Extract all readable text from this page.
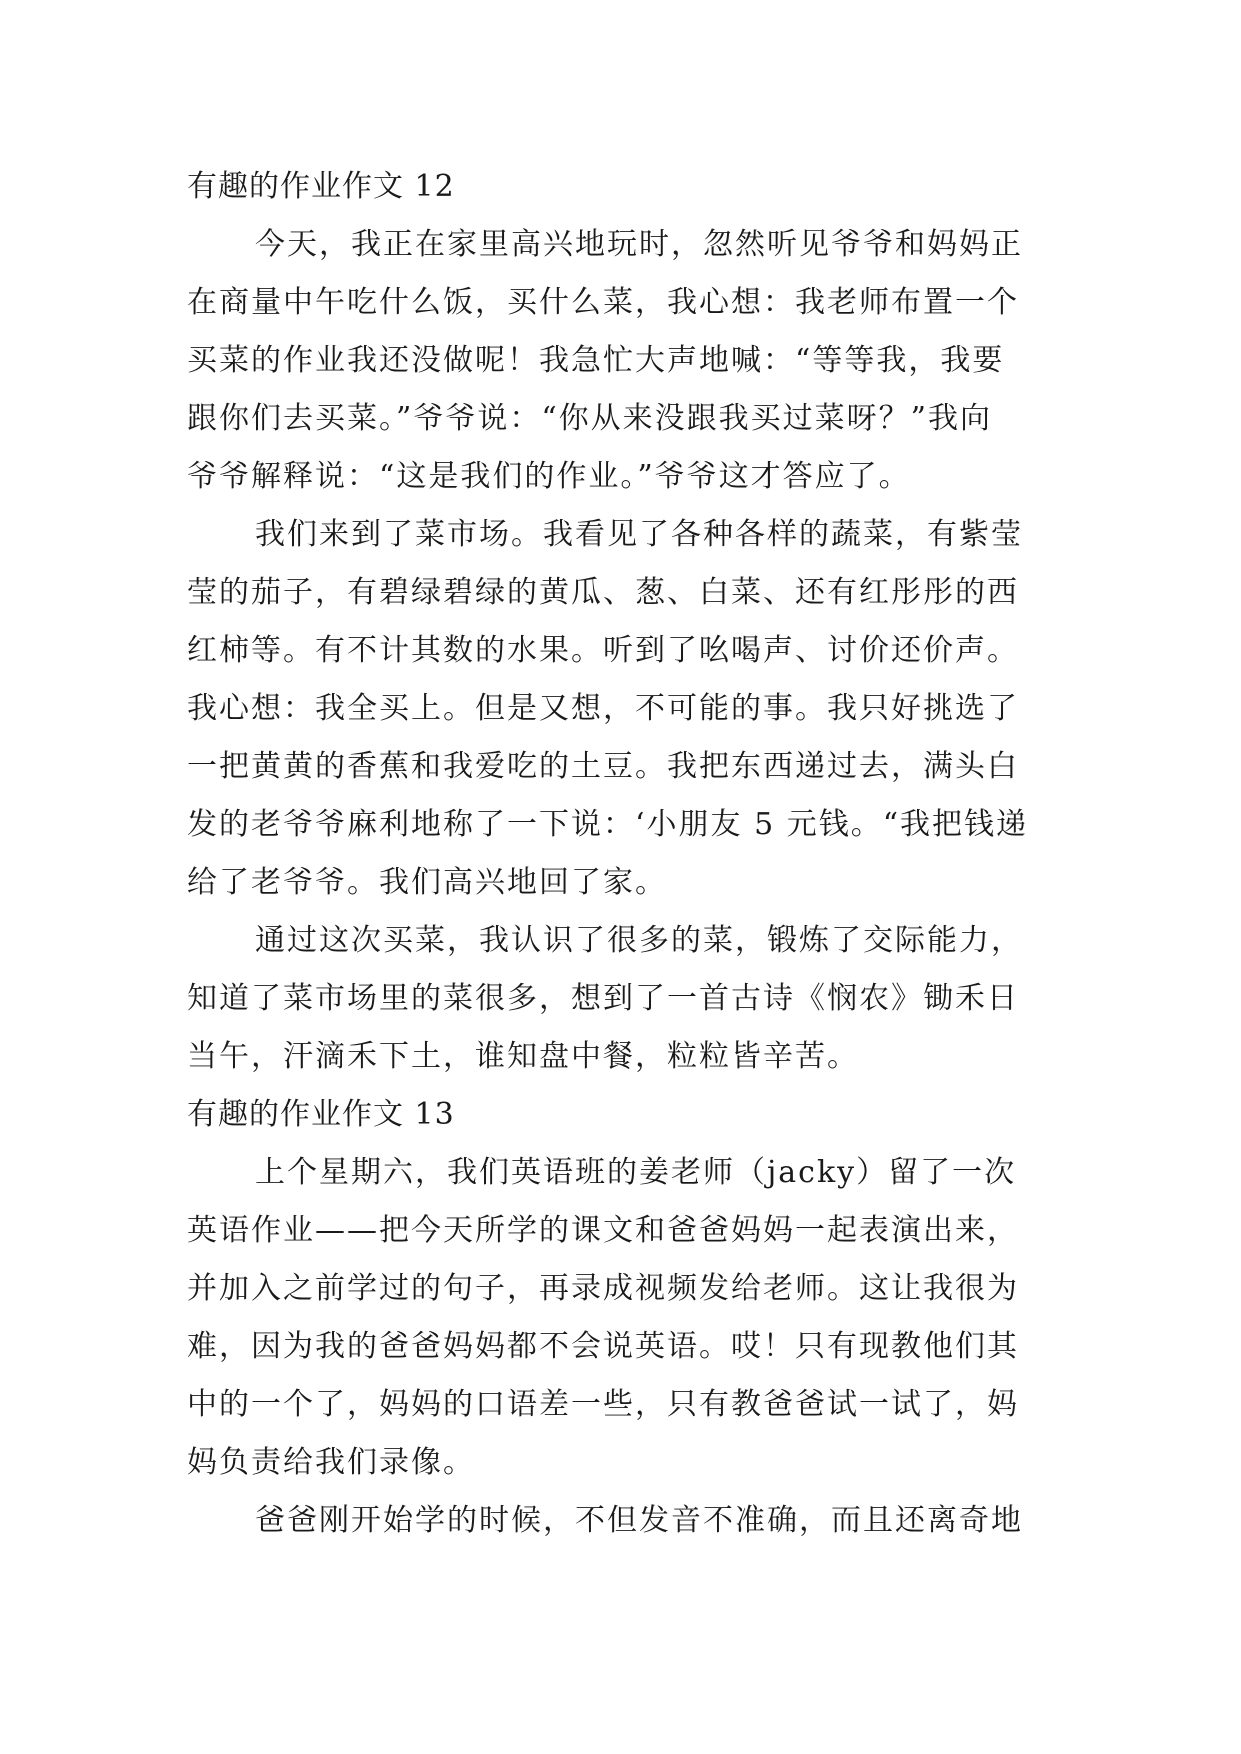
有趣的作业作文 12
今天，我正在家里高兴地玩时，忽然听见爷爷和妈妈正
在商量中午吃什么饭，买什么菜，我心想：我老师布置一个
买菜的作业我还没做呢！我急忙大声地喊：“等等我，我要
跟你们去买菜。”爷爷说：“你从来没跟我买过菜呀？”我向
爷爷解释说：“这是我们的作业。”爷爷这才答应了。
我们来到了菜市场。我看见了各种各样的蔬菜，有紫莹
莹的茄子，有碧绿碧绿的黄瓜、葱、白菜、还有红彤彤的西
红柿等。有不计其数的水果。听到了吆喝声、讨价还价声。
我心想：我全买上。但是又想，不可能的事。我只好挑选了
一把黄黄的香蕉和我爱吃的土豆。我把东西递过去，满头白
发的老爷爷麻利地称了一下说：‘小朋友 5 元钱。“我把钱递
给了老爷爷。我们高兴地回了家。
通过这次买菜，我认识了很多的菜，锻炼了交际能力，
知道了菜市场里的菜很多，想到了一首古诗《悯农》锄禾日
当午，汗滴禾下土，谁知盘中餐，粒粒皆辛苦。
有趣的作业作文 13
上个星期六，我们英语班的姜老师（jacky）留了一次
英语作业——把今天所学的课文和爸爸妈妈一起表演出来，
并加入之前学过的句子，再录成视频发给老师。这让我很为
难，因为我的爸爸妈妈都不会说英语。哎！只有现教他们其
中的一个了，妈妈的口语差一些，只有教爸爸试一试了，妈
妈负责给我们录像。
爸爸刚开始学的时候，不但发音不准确，而且还离奇地
